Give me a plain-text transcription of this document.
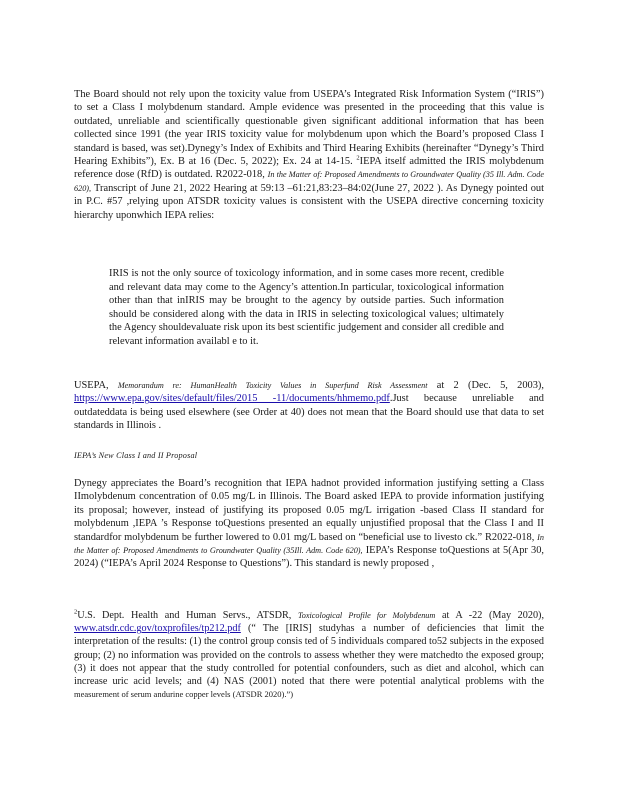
The Board should not rely upon the toxicity value from USEPA’s Integrated Risk Information System (“IRIS”) to set a Class I molybdenum standard. Ample evidence was presented in the proceeding that this value is outdated, unreliable and scientifically questionable given significant additional information that has been collected since 1991 (the year IRIS toxicity value for molybdenum upon which the Board’s proposed Class I standard is based, was set).Dynegy’s Index of Exhibits and Third Hearing Exhibits (hereinafter “Dynegy’s Third Hearing Exhibits”), Ex. B at 16 (Dec. 5, 2022); Ex. 24 at 14-15. $^2$IEPA itself admitted the IRIS molybdenum reference dose (RfD) is outdated. R2022-018, In the Matter of: Proposed Amendments to Groundwater Quality (35 Ill. Adm. Code 620), Transcript of June 21, 2022 Hearing at 59:13 –61:21,83:23–84:02(June 27, 2022 ). As Dynegy pointed out in P.C. #57 ,relying upon ATSDR toxicity values is consistent with the USEPA directive concerning toxicity hierarchy uponwhich IEPA relies:

IRIS is not the only source of toxicology information, and in some cases more recent, credible and relevant data may come to the Agency’s attention.In particular, toxicological information other than that inIRIS may be brought to the agency by outside parties. Such information should be considered along with the data in IRIS in selecting toxicological values; ultimately the Agency shouldevaluate risk upon its best scientific judgement and consider all credible and relevant information availabl e to it.

USEPA, Memorandum re: HumanHealth Toxicity Values in Superfund Risk Assessment at 2 (Dec. 5, 2003), https://www.epa.gov/sites/default/files/2015 -11/documents/hhmemo.pdf.Just because unreliable and outdateddata is being used elsewhere (see Order at 40) does not mean that the Board should use that data to set standards in Illinois .

IEPA’s New Class I and II Proposal

Dynegy appreciates the Board’s recognition that IEPA hadnot provided information justifying setting a Class IImolybdenum concentration of 0.05 mg/L in Illinois. The Board asked IEPA to provide information justifying its proposal; however, instead of justifying its proposed 0.05 mg/L irrigation -based Class II standard for molybdenum ,IEPA ’s Response toQuestions presented an equally unjustified proposal that the Class I and II standardfor molybdenum be further lowered to 0.01 mg/L based on “beneficial use to livesto ck.” R2022-018, In the Matter of: Proposed Amendments to Groundwater Quality (35Ill. Adm. Code 620), IEPA’s Response toQuestions at 5(Apr 30, 2024) (“IEPA’s April 2024 Response to Questions”). This standard is newly proposed ,

$^2$U.S. Dept. Health and Human Servs., ATSDR, Toxicological Profile for Molybdenum at A -22 (May 2020), www.atsdr.cdc.gov/toxprofiles/tp212.pdf (“ The [IRIS] studyhas a number of deficiencies that limit the interpretation of the results: (1) the control group consis ted of 5 individuals compared to52 subjects in the exposed group; (2) no information was provided on the controls to assess whether they were matchedto the exposed group; (3) it does not appear that the study controlled for potential confounders, such as diet and alcohol, which can increase uric acid levels; and (4) NAS (2001) noted that there were potential analytical problems with the measurement of serum andurine copper levels (ATSDR 2020).”)
